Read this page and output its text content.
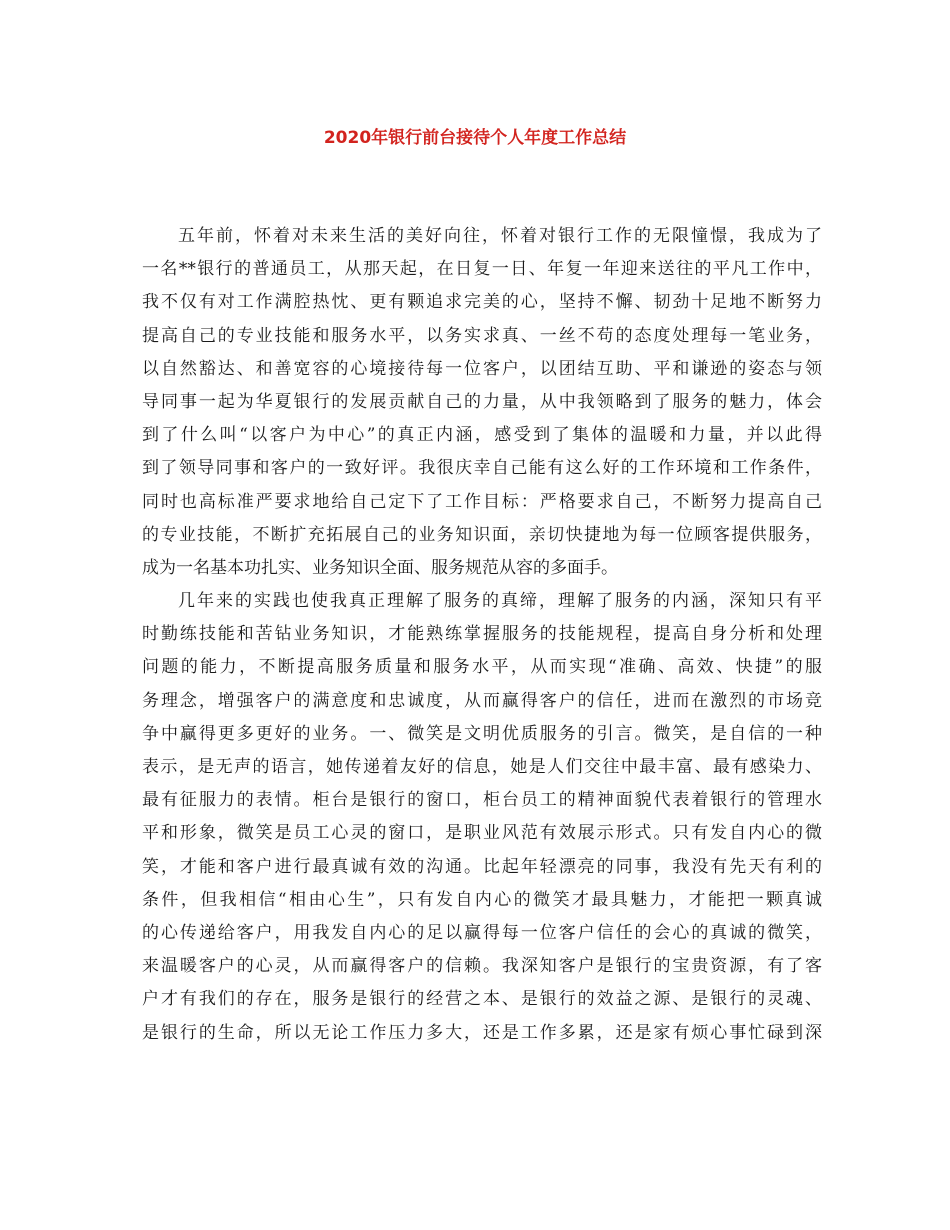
2020年银行前台接待个人年度工作总结
五年前，怀着对未来生活的美好向往，怀着对银行工作的无限憧憬，我成为了
一名**银行的普通员工，从那天起，在日复一日、年复一年迎来送往的平凡工作中，
我不仅有对工作满腔热忱、更有颗追求完美的心，坚持不懈、韧劲十足地不断努力
提高自己的专业技能和服务水平，以务实求真、一丝不苟的态度处理每一笔业务，
以自然豁达、和善宽容的心境接待每一位客户，以团结互助、平和谦逊的姿态与领
导同事一起为华夏银行的发展贡献自己的力量，从中我领略到了服务的魅力，体会
到了什么叫“以客户为中心”的真正内涵，感受到了集体的温暖和力量，并以此得
到了领导同事和客户的一致好评。我很庆幸自己能有这么好的工作环境和工作条件，
同时也高标准严要求地给自己定下了工作目标：严格要求自己，不断努力提高自己
的专业技能，不断扩充拓展自己的业务知识面，亲切快捷地为每一位顾客提供服务，
成为一名基本功扎实、业务知识全面、服务规范从容的多面手。
几年来的实践也使我真正理解了服务的真缔，理解了服务的内涵，深知只有平
时勤练技能和苦钻业务知识，才能熟练掌握服务的技能规程，提高自身分析和处理
问题的能力，不断提高服务质量和服务水平，从而实现“准确、高效、快捷”的服
务理念，增强客户的满意度和忠诚度，从而赢得客户的信任，进而在激烈的市场竞
争中赢得更多更好的业务。一、微笑是文明优质服务的引言。微笑，是自信的一种
表示，是无声的语言，她传递着友好的信息，她是人们交往中最丰富、最有感染力、
最有征服力的表情。柜台是银行的窗口，柜台员工的精神面貌代表着银行的管理水
平和形象，微笑是员工心灵的窗口，是职业风范有效展示形式。只有发自内心的微
笑，才能和客户进行最真诚有效的沟通。比起年轻漂亮的同事，我没有先天有利的
条件，但我相信“相由心生”，只有发自内心的微笑才最具魅力，才能把一颗真诚
的心传递给客户，用我发自内心的足以赢得每一位客户信任的会心的真诚的微笑，
来温暖客户的心灵，从而赢得客户的信赖。我深知客户是银行的宝贵资源，有了客
户才有我们的存在，服务是银行的经营之本、是银行的效益之源、是银行的灵魂、
是银行的生命，所以无论工作压力多大，还是工作多累，还是家有烦心事忙碌到深
